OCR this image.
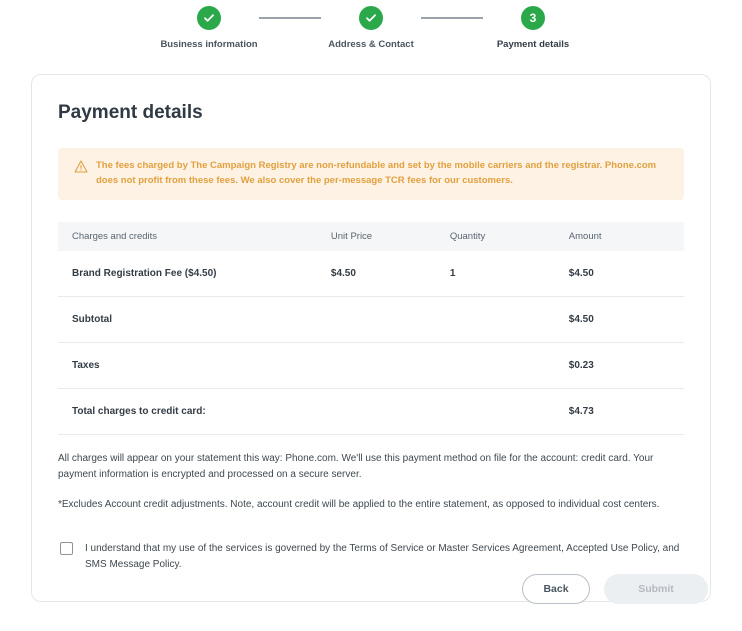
Business information	Address & Contact
3
Payment details
Payment details
The fees charged by The Campaign Registry are non-refundable and set by the mobile carriers and the registrar. Phone.com does not profit from these fees. We also cover the per-message TCR fees for our customers.
Charges and credits	Unit Price	Quantity	Amount
Brand Registration Fee ($4.50)	$4.50	1	$4.50
Subtotal			$4.50
Taxes			$0.23
Total charges to credit card:			$4.73

All charges will appear on your statement this way: Phone.com. We'll use this payment method on file for the account: credit card. Your payment information is encrypted and processed on a secure server.

*Excludes Account credit adjustments. Note, account credit will be applied to the entire statement, as opposed to individual cost centers.

I understand that my use of the services is governed by the Terms of Service or Master Services Agreement, Accepted Use Policy, and SMS Message Policy.
Back	Submit
